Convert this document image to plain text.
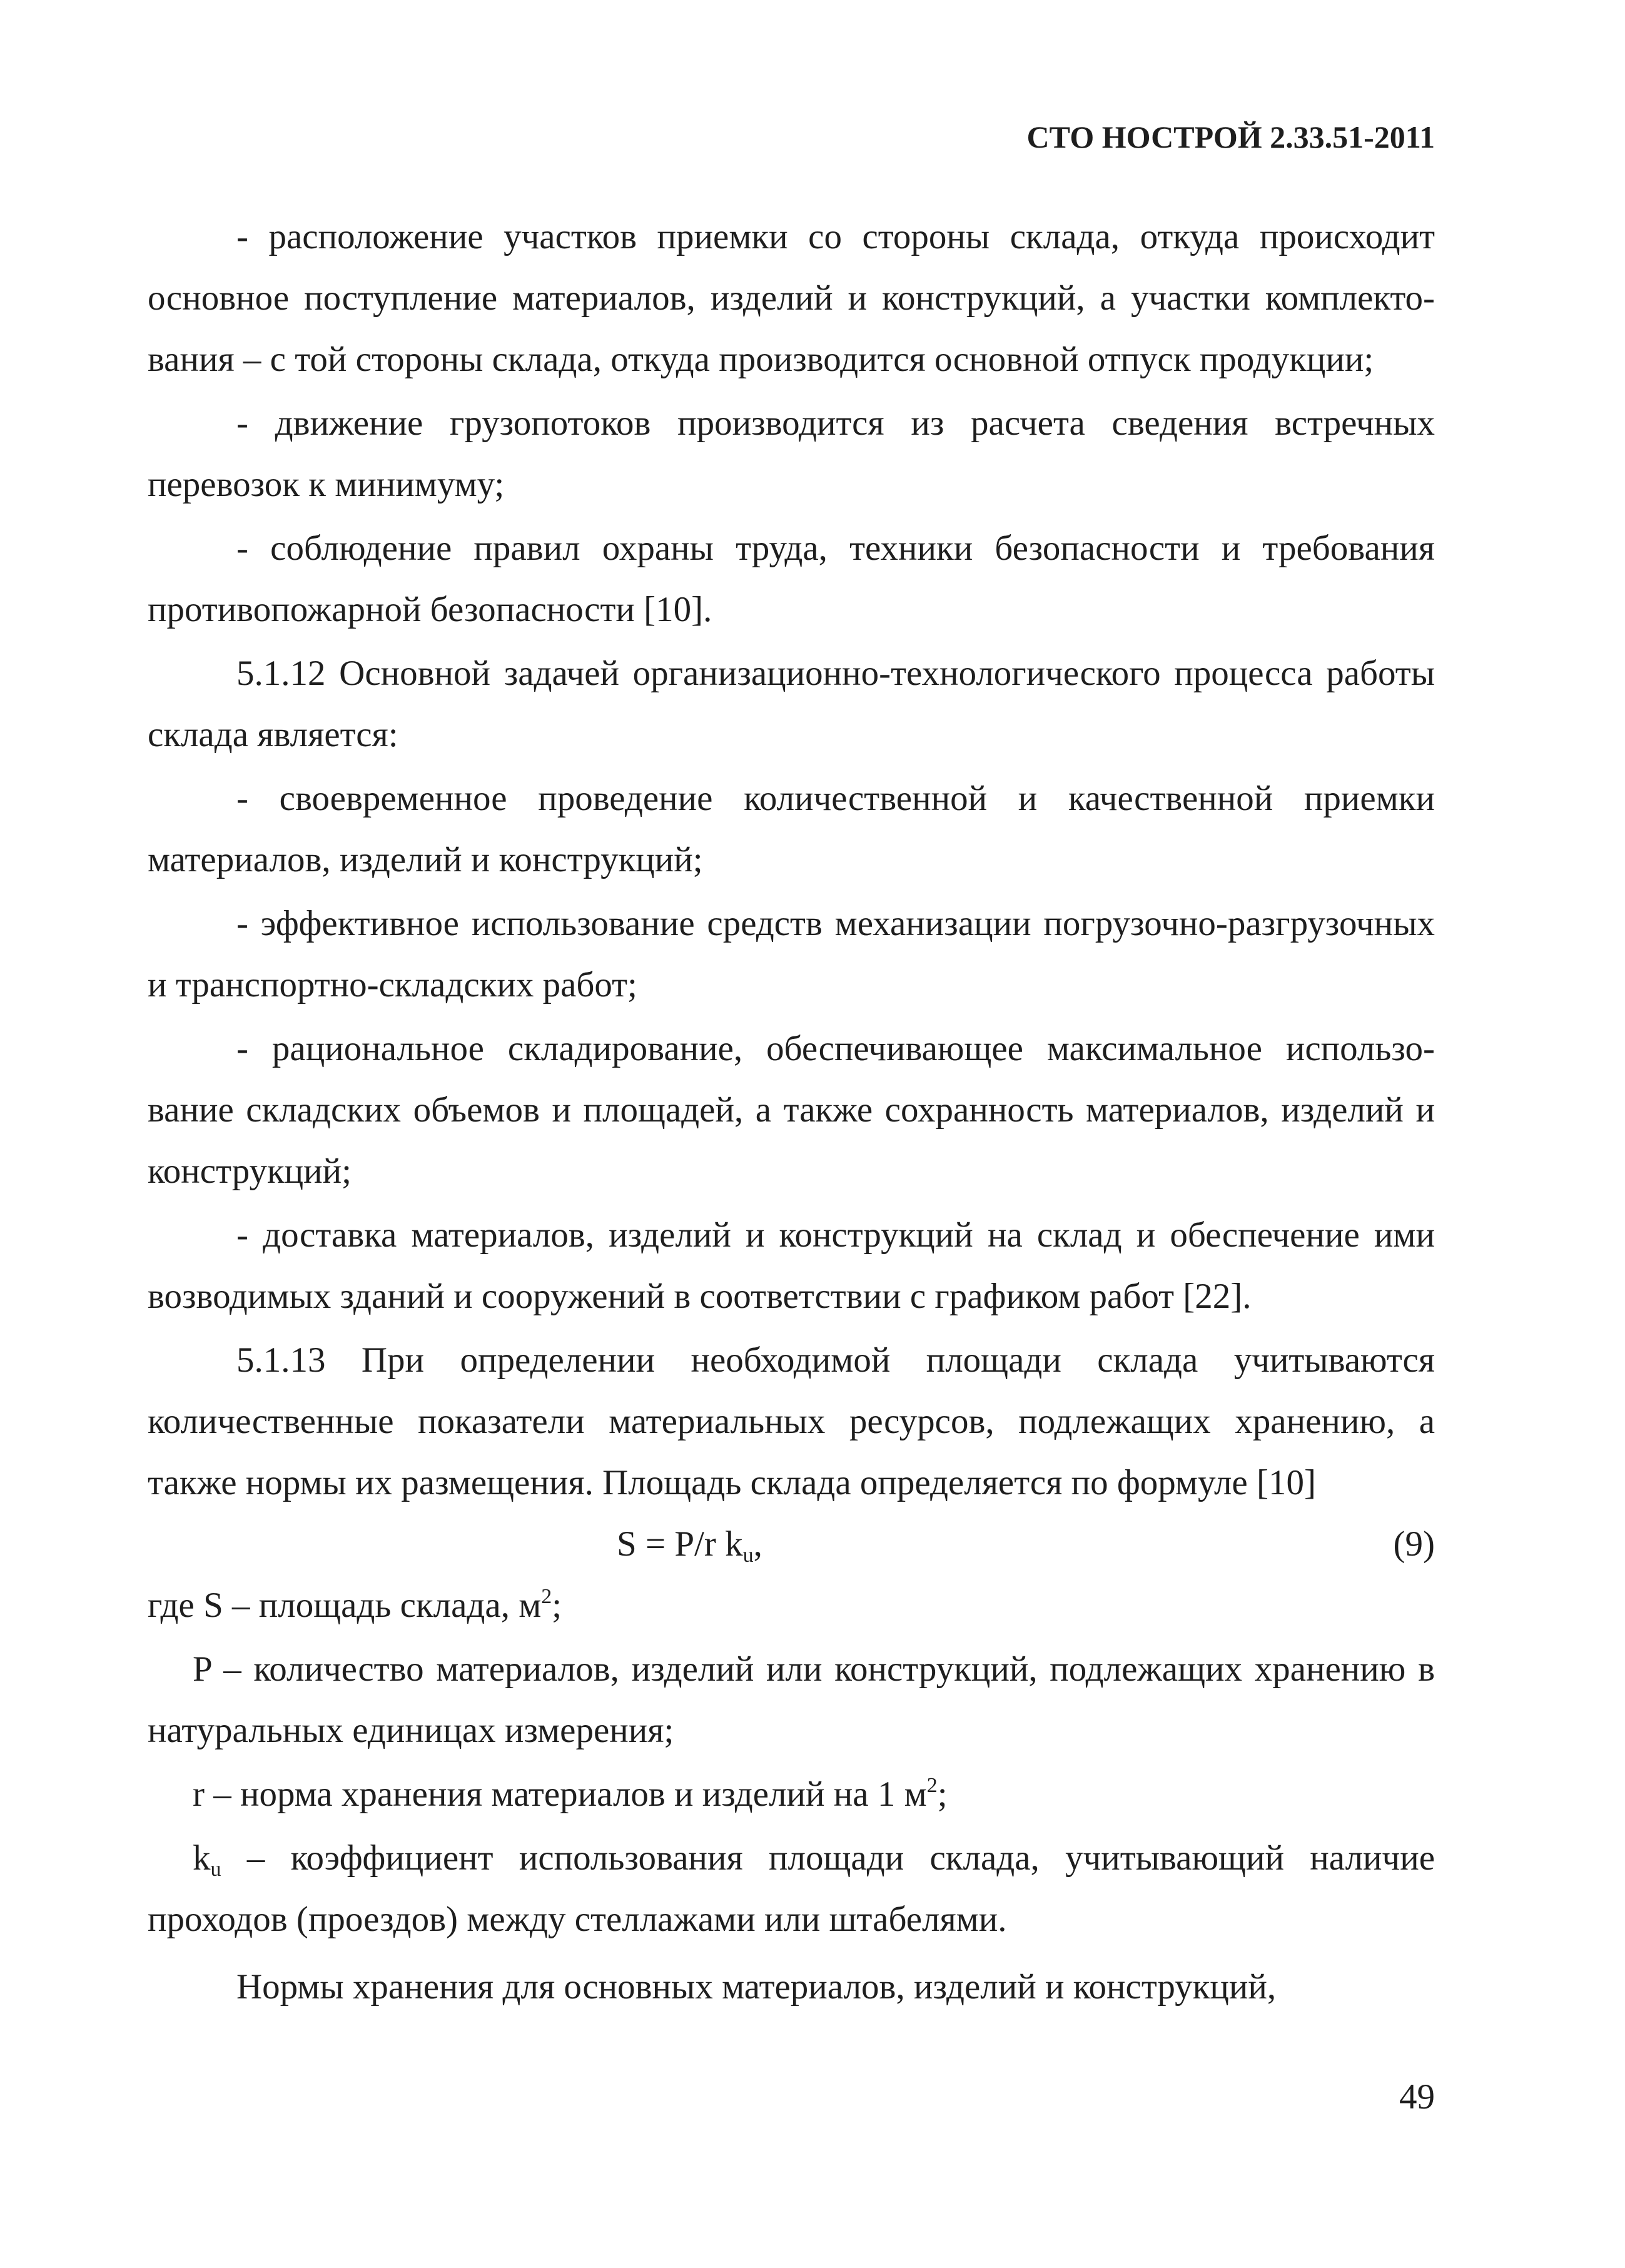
СТО НОСТРОЙ 2.33.51-2011

- расположение участков приемки со стороны склада, откуда происходит основное поступление материалов, изделий и конструкций, а участки комплектования – с той стороны склада, откуда производится основной отпуск продукции;

- движение грузопотоков производится из расчета сведения встречных перевозок к минимуму;

- соблюдение правил охраны труда, техники безопасности и требования противопожарной безопасности [10].

5.1.12 Основной задачей организационно-технологического процесса работы склада является:

- своевременное проведение количественной и качественной приемки материалов, изделий и конструкций;

- эффективное использование средств механизации погрузочно-разгрузочных и транспортно-складских работ;

- рациональное складирование, обеспечивающее максимальное использование складских объемов и площадей, а также сохранность материалов, изделий и конструкций;

- доставка материалов, изделий и конструкций на склад и обеспечение ими возводимых зданий и сооружений в соответствии с графиком работ [22].

5.1.13 При определении необходимой площади склада учитываются количественные показатели материальных ресурсов, подлежащих хранению, а также нормы их размещения. Площадь склада определяется по формуле [10]

S = P/r $k_u$,	(9)

где S – площадь склада, $м^2$;

P – количество материалов, изделий или конструкций, подлежащих хранению в натуральных единицах измерения;

r – норма хранения материалов и изделий на 1 $м^2$;

$k_u$ – коэффициент использования площади склада, учитывающий наличие проходов (проездов) между стеллажами или штабелями.

Нормы хранения для основных материалов, изделий и конструкций,

49
